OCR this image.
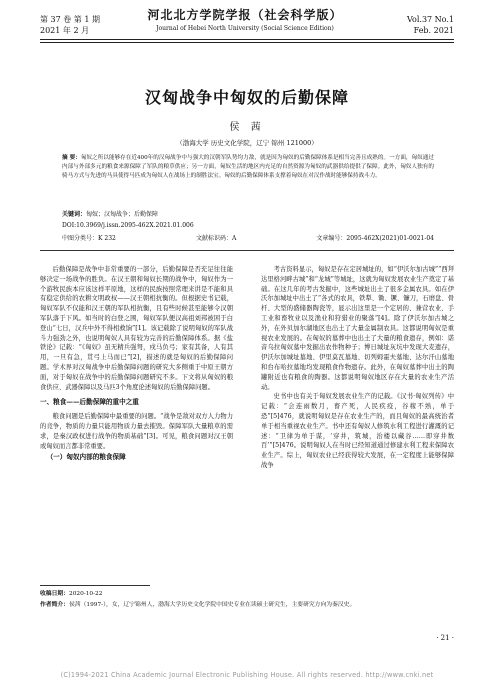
第 37 卷 第 1 期
2021 年 2 月
河北北方学院学报（社会科学版）
Journal of Hebei North University (Social Science Edition)
Vol.37 No.1
Feb. 2021
汉匈战争中匈奴的后勤保障
侯 茜
（渤海大学 历史文化学院，辽宁 锦州 121000）
摘 要：匈奴之所以能够存在近400年的汉匈战争中与强大的汉朝军队势均力敌，就是因为匈奴的后勤保障体系是相当完善且成熟的。一方面，匈奴通过内部与外部多元的粮食来源保障了军队的粮草供应；另一方面，匈奴生活的地区内充足的自然资源为匈奴的武器供给提供了保障。此外，匈奴人独有的骑马方式与先进的马具使得马匹成为匈奴人在战场上的制胜法宝。匈奴的后勤保障体系支撑着匈奴在对汉作战时能够保持战斗力。
关键词：匈奴；汉匈战争；后勤保障
DOI:10.3969/j.issn.2095-462X.2021.01.006
中图分类号：K 232	文献标识码：A	文章编号：2095-462X(2021)01-0021-04

后勤保障是战争中非常重要的一部分，后勤保障是否充足往往能够决定一场战争的胜负。在汉王朝和匈奴长期的战争中，匈奴作为一个游牧民族本应该这样平原地，这样的民族按照常理来讲是不能和具有稳定供给的农耕文明政权——汉王朝相抗衡的。但根据史书记载，匈奴军队不仅能和汉王朝的军队相抗衡，且有些时候甚至能够令汉朝军队落于下风。如当时的白登之围，匈奴军队便汉高祖刘邦被困于白登山“七日，汉兵中外不得相救饷”[1]。该记载除了说明匈奴的军队战斗力强劲之外，也说明匈奴人具有较为完善的后勤保障体系。据《盐铁论》记载：“《匈奴》虽无精兵强弩，戍马负弓；家有其备，人有其用，一旦有急，贯弓上马而已”[2]，描述的就是匈奴的后勤保障问题。学术界对汉匈战争中后勤保障问题的研究大多侧重于中原王朝方面，对于匈奴在战争中的后勤保障问题研究不多。下文将从匈奴的粮食供应、武器保障以及马匹3个角度论述匈奴的后勤保障问题。

一、粮食——后勤保障的重中之重

粮食问题是后勤保障中最重要的问题。“战争是敌对双方人力物力的竞争，物质的力量只能用物质力量去摧毁。保障军队大量粮草的需求，是秦汉政权进行战争的物质基础”[3]。可见，粮食问题对汉王朝或匈奴而言都非常重要。

（一）匈奴内部的粮食保障

考古资料显示，匈奴是存在定居城址的，如“伊沃尔加古城”“西拜达里格河畔古城”和“龙城”等城址，这就为匈奴发展农业生产奠定了基础。在这几年的考古发掘中，这些城址出土了很多金属农具。如在伊沃尔加城址中出土了“各式的农具，铁犁、锄、镢、镰刀，石磨盘、骨杆、大型的盛储器陶瓷等，显示出这里是一个定居的、兼营农业、手工业和畜牧业以及渔业和狩猎业的聚落”[4]。除了伊沃尔加古城之外，在外贝加尔湖地区也出土了大量金属制农具。这都说明匈奴是重视农业发展的。在匈奴的墓葬中也出土了大量的粮食遗存，例如：诺音乌拉匈奴墓中发掘出农作物种子；博日城址灰坑中发现大麦遗存，伊沃尔加城址墓地、伊里莫瓦墓地、切列姆霍夫墓地、达尔汗山墓地和台布哈拉墓地均发现粮食作物遗存。此外，在匈奴墓葬中出土的陶罐附近也有粮食的陶器。这都说明匈奴地区存在大量的农业生产活动。

史书中也有关于匈奴发展农业生产的记载。《汉书·匈奴列传》中记载：“会连雨数月，畜产死，人民疾疫，谷稼不熟，单于恐”[5]476，就说明匈奴是存在农业生产的，而且匈奴的最高统治者单于相当重视农业生产。书中还有匈奴人修筑水利工程进行灌溉的记述：“卫律为单于谋，‘穿井，筑城，治楼以藏谷……即穿井数百’”[5]476。说明匈奴人在当时已经知道通过修建水利工程来保障农业生产。综上，匈奴农业已经获得较大发展，在一定程度上能够保障战争

收稿日期：2020-10-22
作者简介：侯茜（1997-），女，辽宁锦州人，渤海大学历史文化学院中国史专业在读硕士研究生，主要研究方向为秦汉史。
· 21 ·
(C)1994-2021 China Academic Journal Electronic Publishing House. All rights reserved. http://www.cnki.net
